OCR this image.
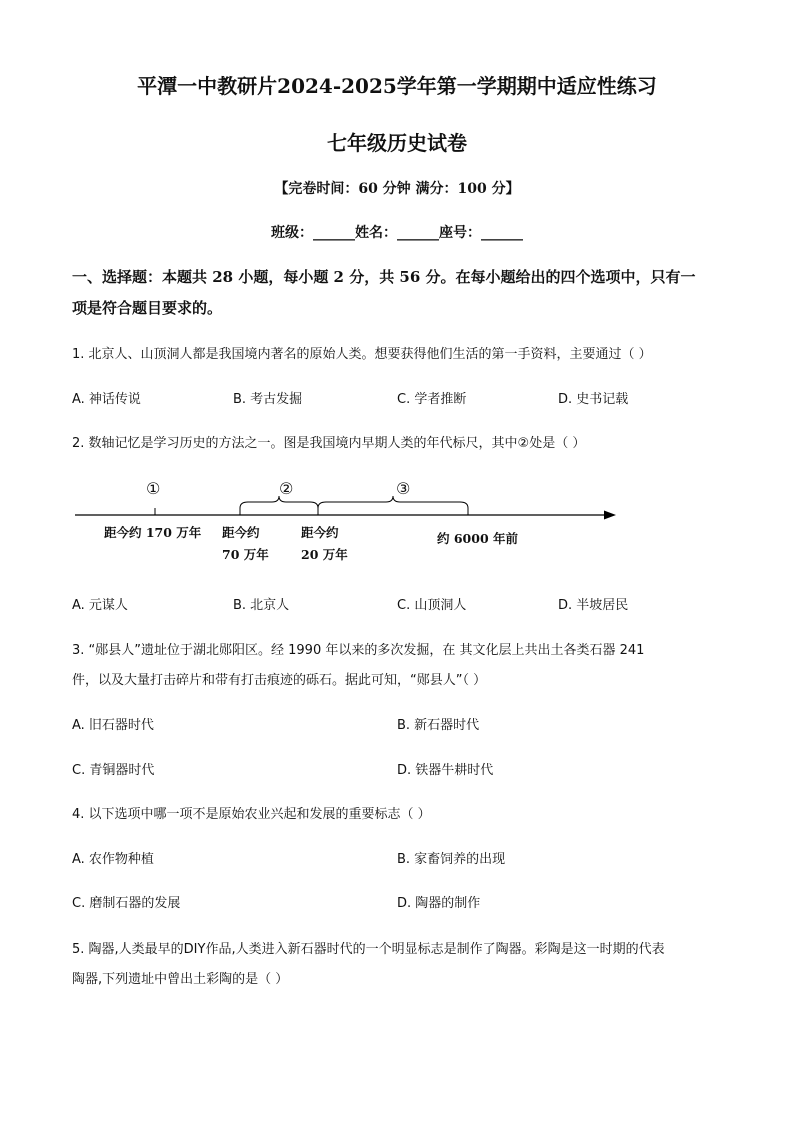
平潭一中教研片2024-2025学年第一学期期中适应性练习
七年级历史试卷
【完卷时间：60 分钟 满分：100 分】
班级：______姓名：______座号：______
一、选择题：本题共 28 小题，每小题 2 分，共 56 分。在每小题给出的四个选项中，只有一
项是符合题目要求的。
1. 北京人、山顶洞人都是我国境内著名的原始人类。想要获得他们生活的第一手资料，主要通过（ ）
A. 神话传说	B. 考古发掘	C. 学者推断	D. 史书记载
2. 数轴记忆是学习历史的方法之一。图是我国境内早期人类的年代标尺，其中②处是（ ）
①	②	③
距今约 170 万年 距今约
70 万年
距今约
20 万年
约 6000 年前
A. 元谋人	B. 北京人	C. 山顶洞人	D. 半坡居民
3. “郧县人”遗址位于湖北郧阳区。经 1990 年以来的多次发掘，在 其文化层上共出土各类石器 241
件，以及大量打击碎片和带有打击痕迹的砾石。据此可知，“郧县人”（ ）
A. 旧石器时代	B. 新石器时代
C. 青铜器时代	D. 铁器牛耕时代
4. 以下选项中哪一项不是原始农业兴起和发展的重要标志（ ）
A. 农作物种植	B. 家畜饲养的出现
C. 磨制石器的发展	D. 陶器的制作
5. 陶器,人类最早的DIY作品,人类进入新石器时代的一个明显标志是制作了陶器。彩陶是这一时期的代表
陶器,下列遗址中曾出土彩陶的是（ ）
